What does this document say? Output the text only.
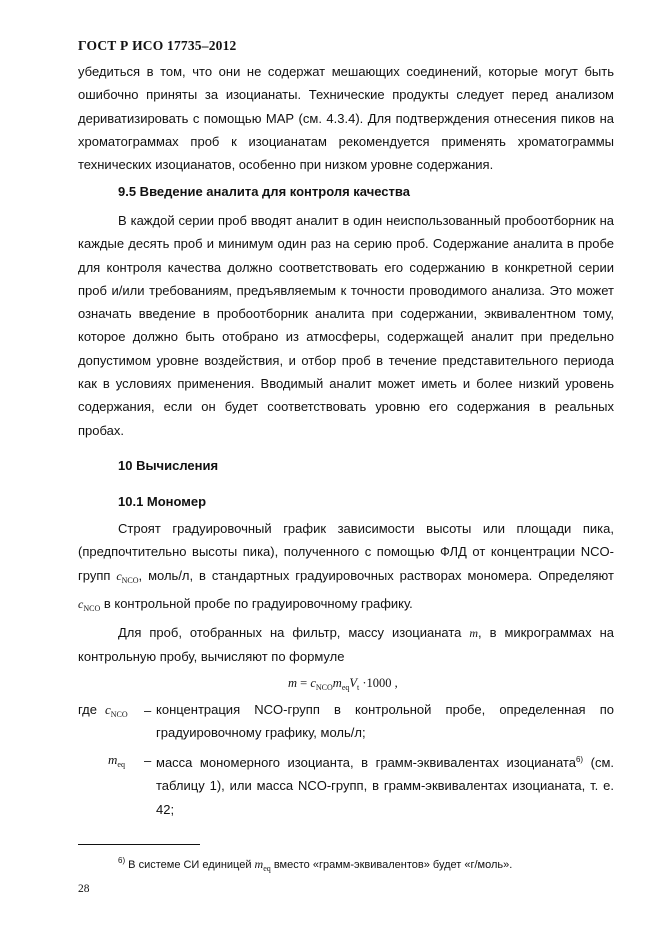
ГОСТ Р ИСО 17735–2012
убедиться в том, что они не содержат мешающих соединений, которые могут быть ошибочно приняты за изоцианаты. Технические продукты следует перед анализом дериватизировать с помощью МАР (см. 4.3.4). Для подтверждения отнесения пиков на хроматограммах проб к изоцианатам рекомендуется применять хроматограммы технических изоцианатов, особенно при низком уровне содержания.
9.5 Введение аналита для контроля качества
В каждой серии проб вводят аналит в один неиспользованный пробоотборник на каждые десять проб и минимум один раз на серию проб. Содержание аналита в пробе для контроля качества должно соответствовать его содержанию в конкретной серии проб и/или требованиям, предъявляемым к точности проводимого анализа. Это может означать введение в пробоотборник аналита при содержании, эквивалентном тому, которое должно быть отобрано из атмосферы, содержащей аналит при предельно допустимом уровне воздействия, и отбор проб в течение представительного периода как в условиях применения. Вводимый аналит может иметь и более низкий уровень содержания, если он будет соответствовать уровню его содержания в реальных пробах.
10 Вычисления
10.1 Мономер
Строят градуировочный график зависимости высоты или площади пика, (предпочтительно высоты пика), полученного с помощью ФЛД от концентрации NCO-групп $c_{NCO}$, моль/л, в стандартных градуировочных растворах мономера. Определяют $c_{NCO}$ в контрольной пробе по градуировочному графику.
Для проб, отобранных на фильтр, массу изоцианата m, в микрограммах на контрольную пробу, вычисляют по формуле
$m = c_{NCO}m_{eq}V_t \cdot 1000$ ,
где $c_{NCO}$ – концентрация NCO-групп в контрольной пробе, определенная по градуировочному графику, моль/л;
$m_{eq}$ – масса мономерного изоцианта, в грамм-эквивалентах изоцианата$^{6)}$ (см. таблицу 1), или масса NCO-групп, в грамм-эквивалентах изоцианата, т. е. 42;
$^{6)}$ В системе СИ единицей $m_{eq}$ вместо «грамм-эквивалентов» будет «г/моль».
28
